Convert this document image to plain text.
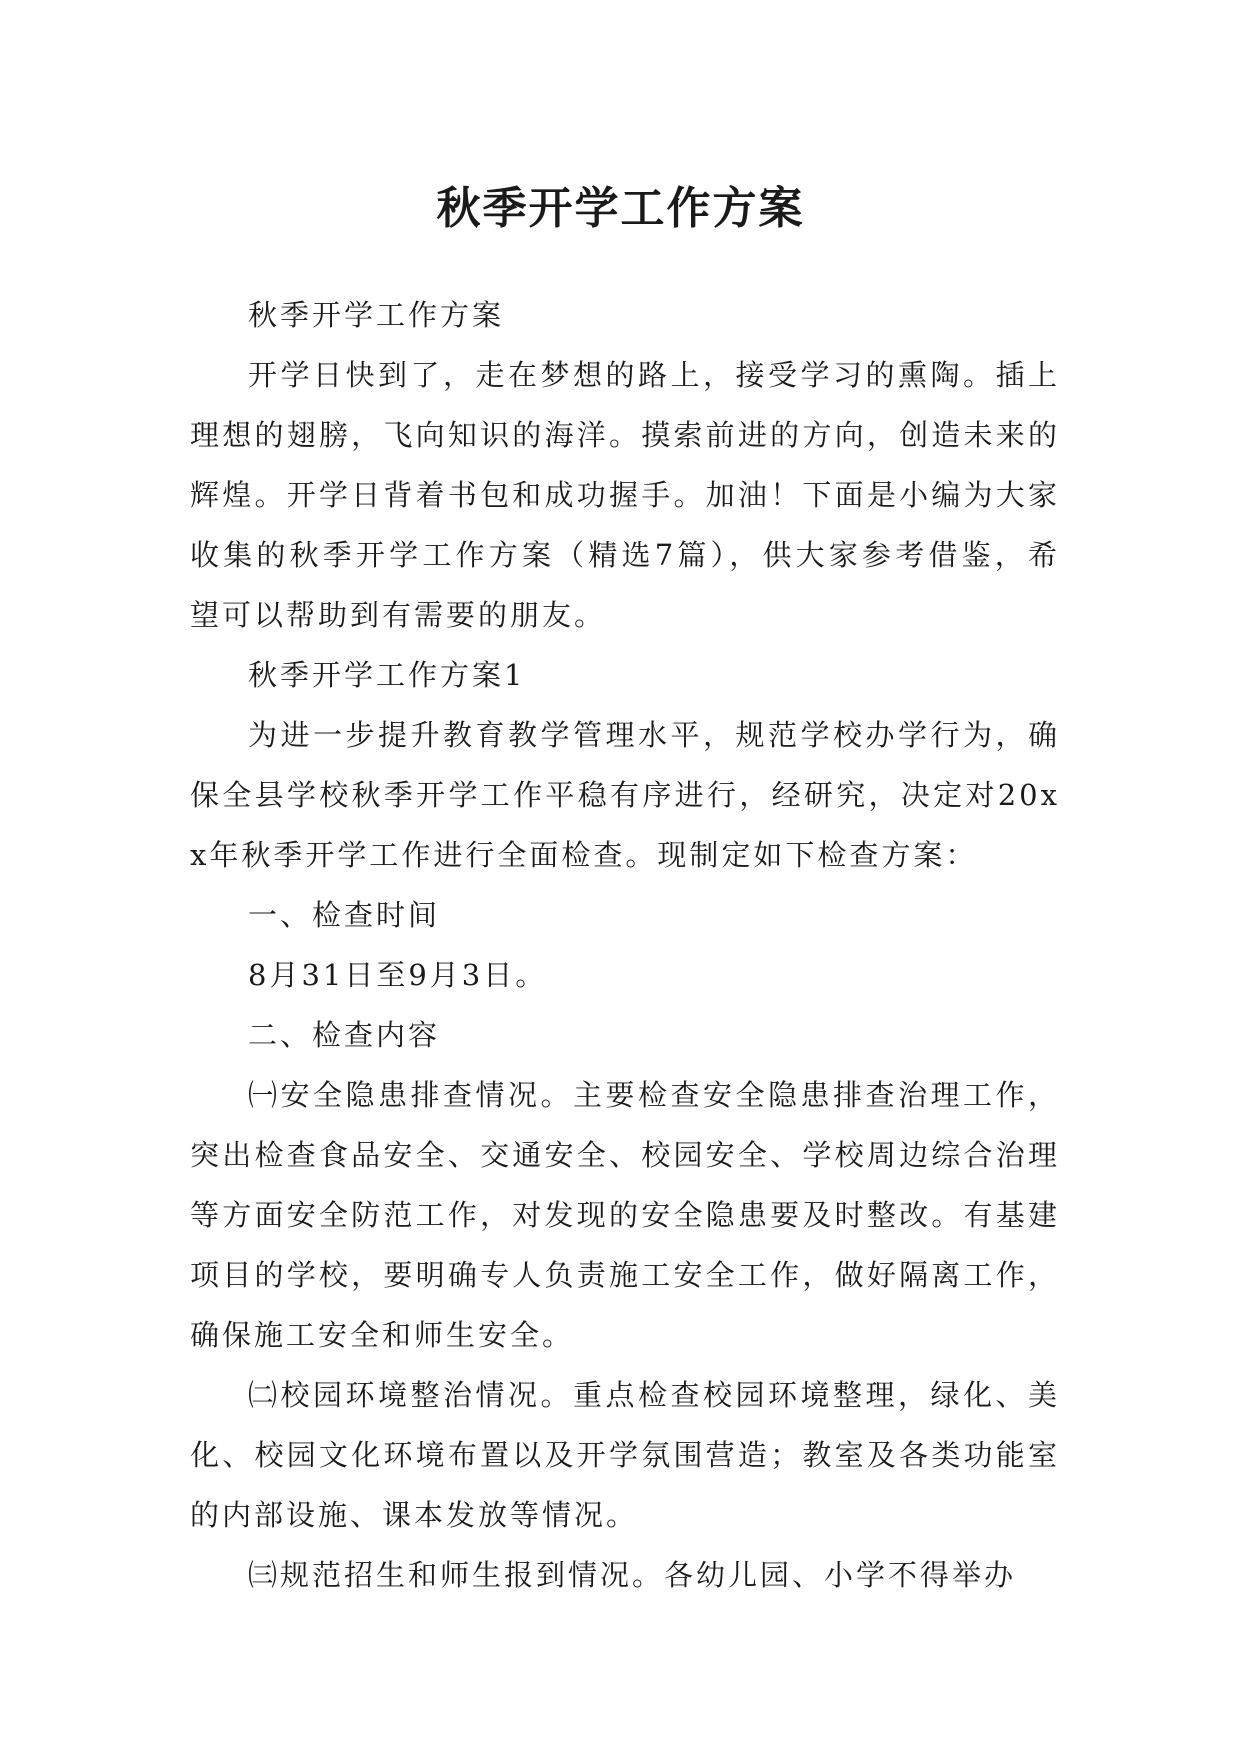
秋季开学工作方案

秋季开学工作方案

开学日快到了，走在梦想的路上，接受学习的熏陶。插上理想的翅膀，飞向知识的海洋。摸索前进的方向，创造未来的辉煌。开学日背着书包和成功握手。加油！下面是小编为大家收集的秋季开学工作方案（精选7篇），供大家参考借鉴，希望可以帮助到有需要的朋友。

秋季开学工作方案1

为进一步提升教育教学管理水平，规范学校办学行为，确保全县学校秋季开学工作平稳有序进行，经研究，决定对20xx年秋季开学工作进行全面检查。现制定如下检查方案：

一、检查时间

8月31日至9月3日。

二、检查内容

㈠安全隐患排查情况。主要检查安全隐患排查治理工作，突出检查食品安全、交通安全、校园安全、学校周边综合治理等方面安全防范工作，对发现的安全隐患要及时整改。有基建项目的学校，要明确专人负责施工安全工作，做好隔离工作，确保施工安全和师生安全。

㈡校园环境整治情况。重点检查校园环境整理，绿化、美化、校园文化环境布置以及开学氛围营造；教室及各类功能室的内部设施、课本发放等情况。

㈢规范招生和师生报到情况。各幼儿园、小学不得举办
